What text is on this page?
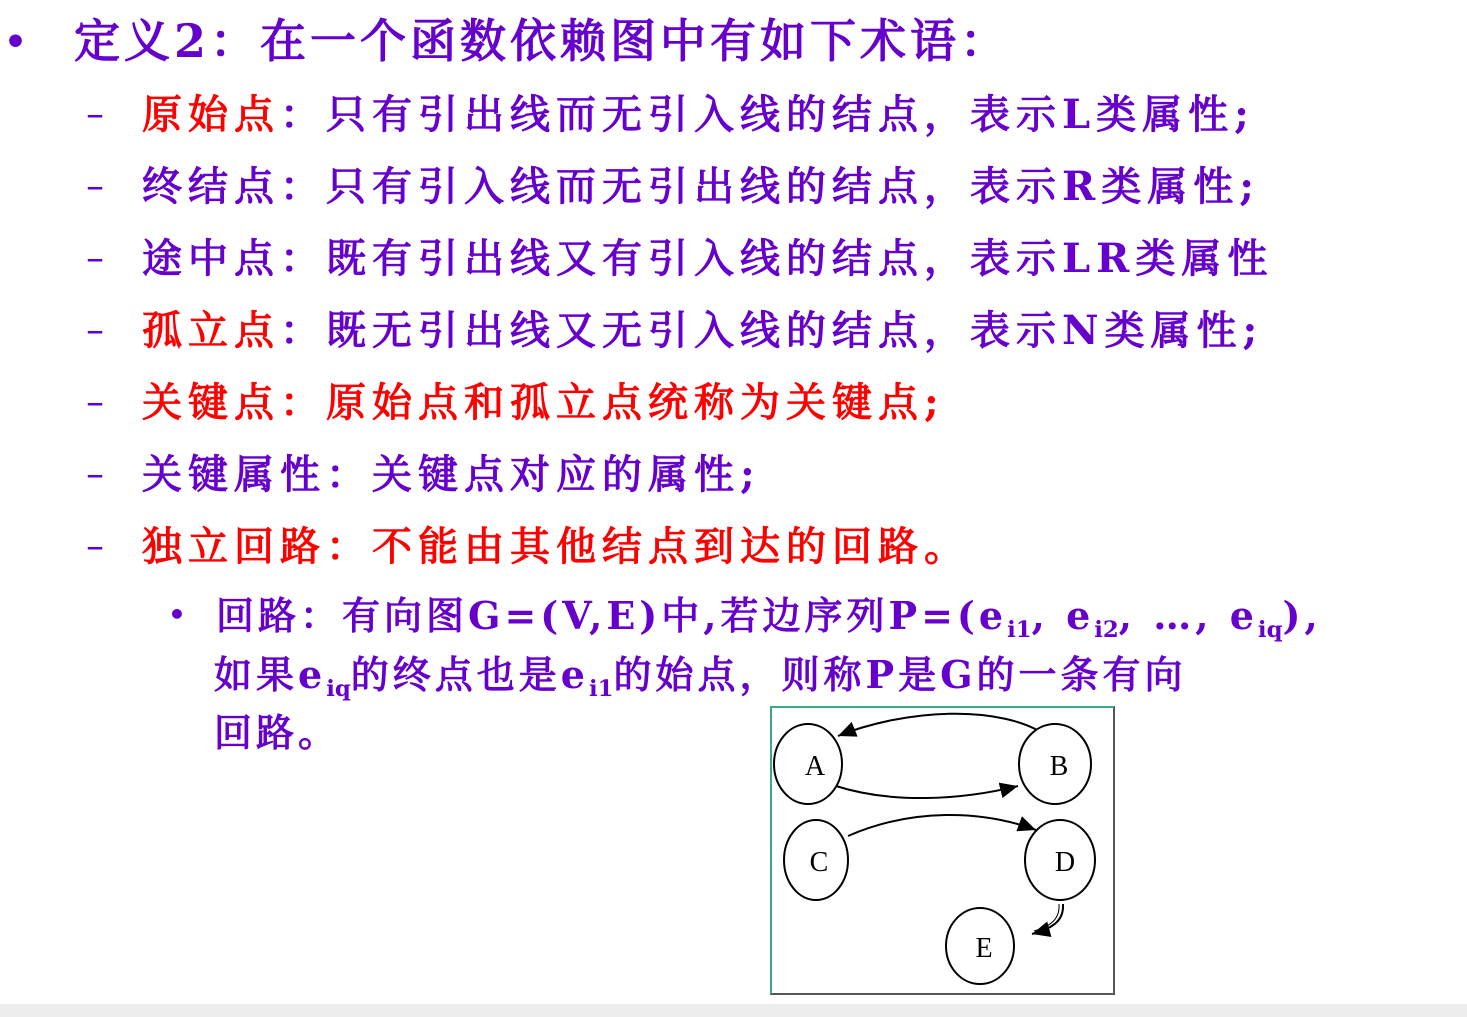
• 定义2：在一个函数依赖图中有如下术语：
– 原始点：只有引出线而无引入线的结点，表示L类属性;
– 终结点：只有引入线而无引出线的结点，表示R类属性;
– 途中点：既有引出线又有引入线的结点，表示LR类属性
– 孤立点：既无引出线又无引入线的结点，表示N类属性;
– 关键点：原始点和孤立点统称为关键点;
– 关键属性：关键点对应的属性;
– 独立回路：不能由其他结点到达的回路。
• 回路：有向图G=(V,E)中,若边序列$P=(e_{i1}$, $e_{i2}$, …, $e_{iq}$),
如果$e_{iq}$的终点也是$e_{i1}$的始点，则称P是G的一条有向
回路。
A	B
C	D
E
